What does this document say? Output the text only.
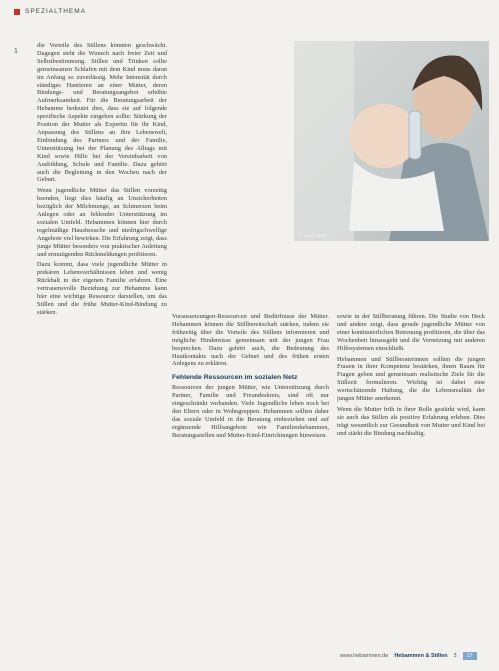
SPEZIALTHEMA
1

die Vorteile des Stillens könnten geschwächt. Dagegen steht die Wunsch nach freier Zeit und Selbstbestimmung. Stillen und Trinken sollte gemeinsamen Schlafen mit dem Kind muss daran im Anfang so zuverlässig. Mehr Intensität durch ständiges Hantieren an einer Mutter, deren Bindungs- und Beratungsangebot erhöhte Aufmerksamkeit. Für die Beratungsarbeit der Hebamme bedeutet dies, dass sie auf folgende spezifische Aspekte eingehen sollte: Stärkung der Position der Mutter als Expertin für ihr Kind, Anpassung des Stillens an ihre Lebenswelt, Einbindung des Partners und der Familie, Unterstützung bei der Planung des Alltags mit Kind sowie Hilfe bei der Vereinbarkeit von Ausbildung, Schule und Familie. Dazu gehört auch die Begleitung in den Wochen nach der Geburt.

Wenn jugendliche Mütter das Stillen vorzeitig beenden, liegt dies häufig an Unsicherheiten bezüglich der Milchmenge, an Schmerzen beim Anlegen oder an fehlender Unterstützung im sozialen Umfeld. Hebammen können hier durch regelmäßige Hausbesuche und niedrigschwellige Angebote viel bewirken. Die Erfahrung zeigt, dass junge Mütter besonders von praktischer Anleitung und ermutigenden Rückmeldungen profitieren.

Dazu kommt, dass viele jugendliche Mütter in prekären Lebensverhältnissen leben und wenig Rückhalt in der eigenen Familie erfahren. Eine vertrauensvolle Beziehung zur Hebamme kann hier eine wichtige Ressource darstellen, um das Stillen und die frühe Mutter-Kind-Bindung zu stärken.

© Ilona Kübler

Voraussetzungen-Ressourcen und Bedürfnisse der Mütter. Hebammen können die Stillbereitschaft stärken, indem sie frühzeitig über die Vorteile des Stillens informieren und mögliche Hindernisse gemeinsam mit der jungen Frau besprechen. Dazu gehört auch, die Bedeutung des Hautkontakts nach der Geburt und des frühen ersten Anlegens zu erklären.

Fehlende Ressourcen im sozialen Netz

Ressourcen der jungen Mütter, wie Unterstützung durch Partner, Familie und Freundeskreis, sind oft nur eingeschränkt vorhanden. Viele Jugendliche leben noch bei den Eltern oder in Wohngruppen. Hebammen sollten daher das soziale Umfeld in die Beratung einbeziehen und auf ergänzende Hilfsangebote wie Familienhebammen, Beratungsstellen und Mutter-Kind-Einrichtungen hinweisen.

sowie in der Stillberatung führen. Die Studie von Heck und andere zeigt, dass gerade jugendliche Mütter von einer kontinuierlichen Betreuung profitieren, die über das Wochenbett hinausgeht und die Vernetzung mit anderen Hilfesystemen einschließt.

Hebammen und Stillberaterinnen sollten die jungen Frauen in ihrer Kompetenz bestärken, ihnen Raum für Fragen geben und gemeinsam realistische Ziele für die Stillzeit formulieren. Wichtig ist dabei eine wertschätzende Haltung, die die Lebensrealität der jungen Mütter anerkennt.

Wenn die Mutter früh in ihrer Rolle gestärkt wird, kann sie auch das Stillen als positive Erfahrung erleben. Dies trägt wesentlich zur Gesundheit von Mutter und Kind bei und stärkt die Bindung nachhaltig.

www.hebammen.de Hebammen & Stillen 3	17
